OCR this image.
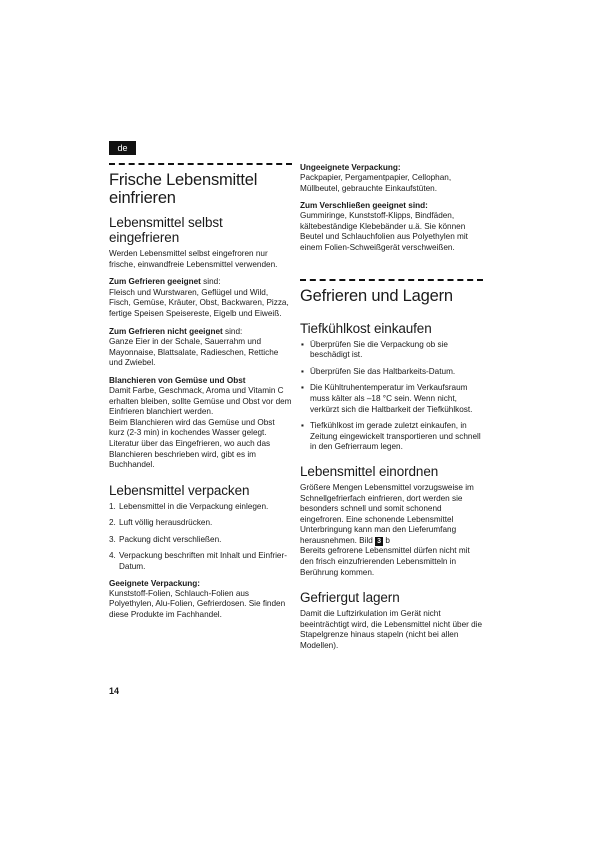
de
Frische Lebensmittel einfrieren
Lebensmittel selbst eingefrieren

Werden Lebensmittel selbst eingefroren nur frische, einwandfreie Lebensmittel verwenden.

Zum Gefrieren geeignet sind:

Fleisch und Wurstwaren, Geflügel und Wild, Fisch, Gemüse, Kräuter, Obst, Backwaren, Pizza, fertige Speisen Speisereste, Eigelb und Eiweiß.

Zum Gefrieren nicht geeignet sind:

Ganze Eier in der Schale, Sauerrahm und Mayonnaise, Blattsalate, Radieschen, Rettiche und Zwiebel.

Blanchieren von Gemüse und Obst

Damit Farbe, Geschmack, Aroma und Vitamin C erhalten bleiben, sollte Gemüse und Obst vor dem Einfrieren blanchiert werden.

Beim Blanchieren wird das Gemüse und Obst kurz (2-3 min) in kochendes Wasser gelegt.

Literatur über das Eingefrieren, wo auch das Blanchieren beschrieben wird, gibt es im Buchhandel.

Lebensmittel verpacken
1. Lebensmittel in die Verpackung einlegen.
2. Luft völlig herausdrücken.
3. Packung dicht verschließen.
4. Verpackung beschriften mit Inhalt und Einfrier-Datum.
Geeignete Verpackung:

Kunststoff-Folien, Schlauch-Folien aus Polyethylen, Alu-Folien, Gefrierdosen. Sie finden diese Produkte im Fachhandel.

Ungeeignete Verpackung:

Packpapier, Pergamentpapier, Cellophan, Müllbeutel, gebrauchte Einkaufstüten.

Zum Verschließen geeignet sind:

Gummiringe, Kunststoff-Klipps, Bindfäden, kältebeständige Klebebänder u.ä. Sie können Beutel und Schlauchfolien aus Polyethylen mit einem Folien-Schweißgerät verschweißen.

Gefrieren und Lagern
Tiefkühlkost einkaufen
▪ Überprüfen Sie die Verpackung ob sie beschädigt ist.
▪ Überprüfen Sie das Haltbarkeits-Datum.
▪ Die Kühltruhentemperatur im Verkaufsraum muss kälter als –18 °C sein. Wenn nicht, verkürzt sich die Haltbarkeit der Tiefkühlkost.
▪ Tiefkühlkost im gerade zuletzt einkaufen, in Zeitung eingewickelt transportieren und schnell in den Gefrierraum legen.
Lebensmittel einordnen

Größere Mengen Lebensmittel vorzugsweise im Schnellgefrierfach einfrieren, dort werden sie besonders schnell und somit schonend eingefroren. Eine schonende Lebensmittel Unterbringung kann man den Lieferumfang herausnehmen. Bild 3 b

Bereits gefrorene Lebensmittel dürfen nicht mit den frisch einzufrierenden Lebensmitteln in Berührung kommen.

Gefriergut lagern

Damit die Luftzirkulation im Gerät nicht beeinträchtigt wird, die Lebensmittel nicht über die Stapelgrenze hinaus stapeln (nicht bei allen Modellen).

14
